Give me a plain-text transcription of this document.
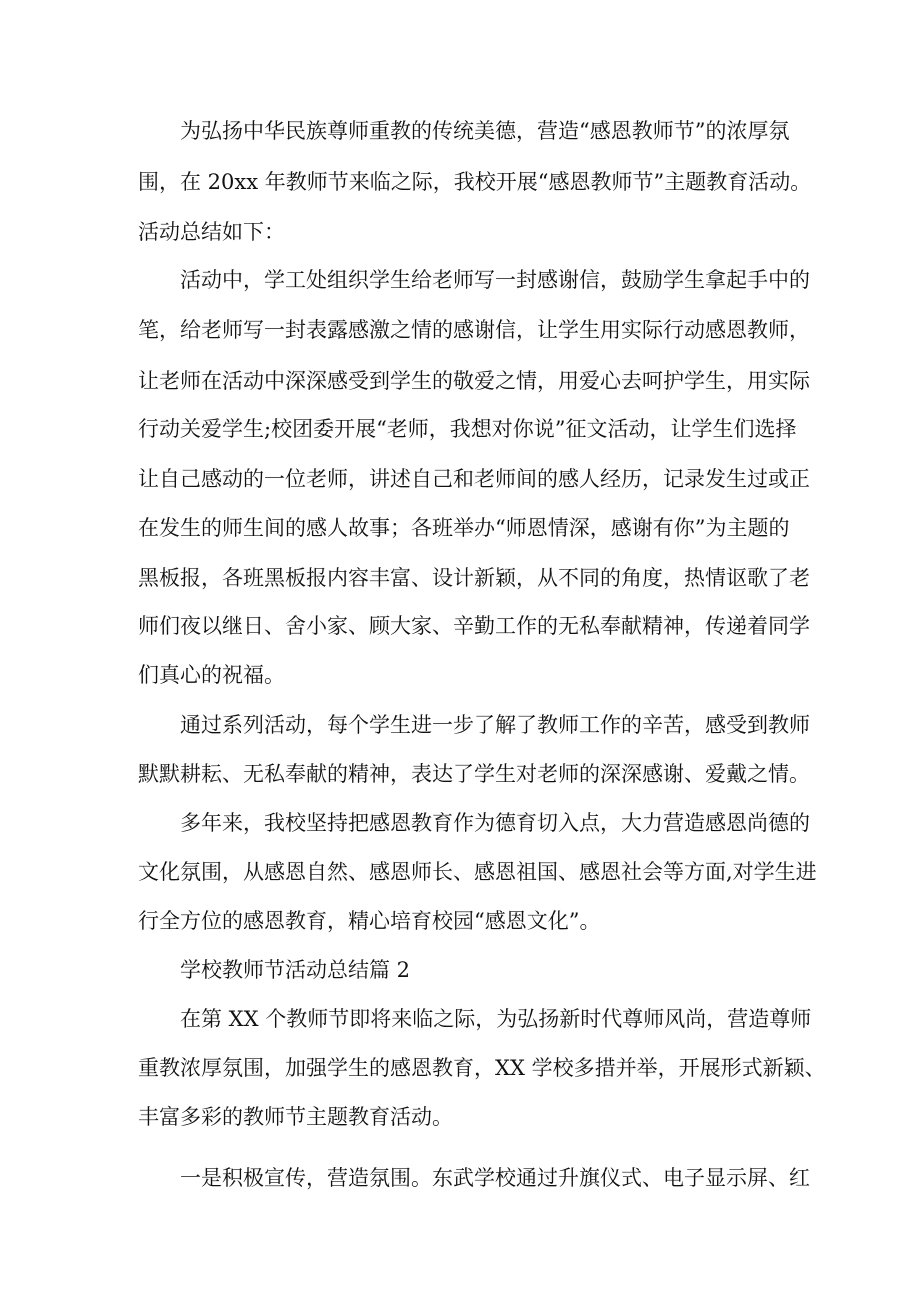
为弘扬中华民族尊师重教的传统美德，营造“感恩教师节”的浓厚氛
围，在 20xx 年教师节来临之际，我校开展“感恩教师节”主题教育活动。
活动总结如下：
活动中，学工处组织学生给老师写一封感谢信，鼓励学生拿起手中的
笔，给老师写一封表露感激之情的感谢信，让学生用实际行动感恩教师，
让老师在活动中深深感受到学生的敬爱之情，用爱心去呵护学生，用实际
行动关爱学生;校团委开展“老师，我想对你说”征文活动，让学生们选择
让自己感动的一位老师，讲述自己和老师间的感人经历，记录发生过或正
在发生的师生间的感人故事；各班举办“师恩情深，感谢有你”为主题的
黑板报，各班黑板报内容丰富、设计新颖，从不同的角度，热情讴歌了老
师们夜以继日、舍小家、顾大家、辛勤工作的无私奉献精神，传递着同学
们真心的祝福。
通过系列活动，每个学生进一步了解了教师工作的辛苦，感受到教师
默默耕耘、无私奉献的精神，表达了学生对老师的深深感谢、爱戴之情。
多年来，我校坚持把感恩教育作为德育切入点，大力营造感恩尚德的
文化氛围，从感恩自然、感恩师长、感恩祖国、感恩社会等方面,对学生进
行全方位的感恩教育，精心培育校园“感恩文化”。
学校教师节活动总结篇 2
在第 XX 个教师节即将来临之际，为弘扬新时代尊师风尚，营造尊师
重教浓厚氛围，加强学生的感恩教育，XX 学校多措并举，开展形式新颖、
丰富多彩的教师节主题教育活动。
一是积极宣传，营造氛围。东武学校通过升旗仪式、电子显示屏、红
